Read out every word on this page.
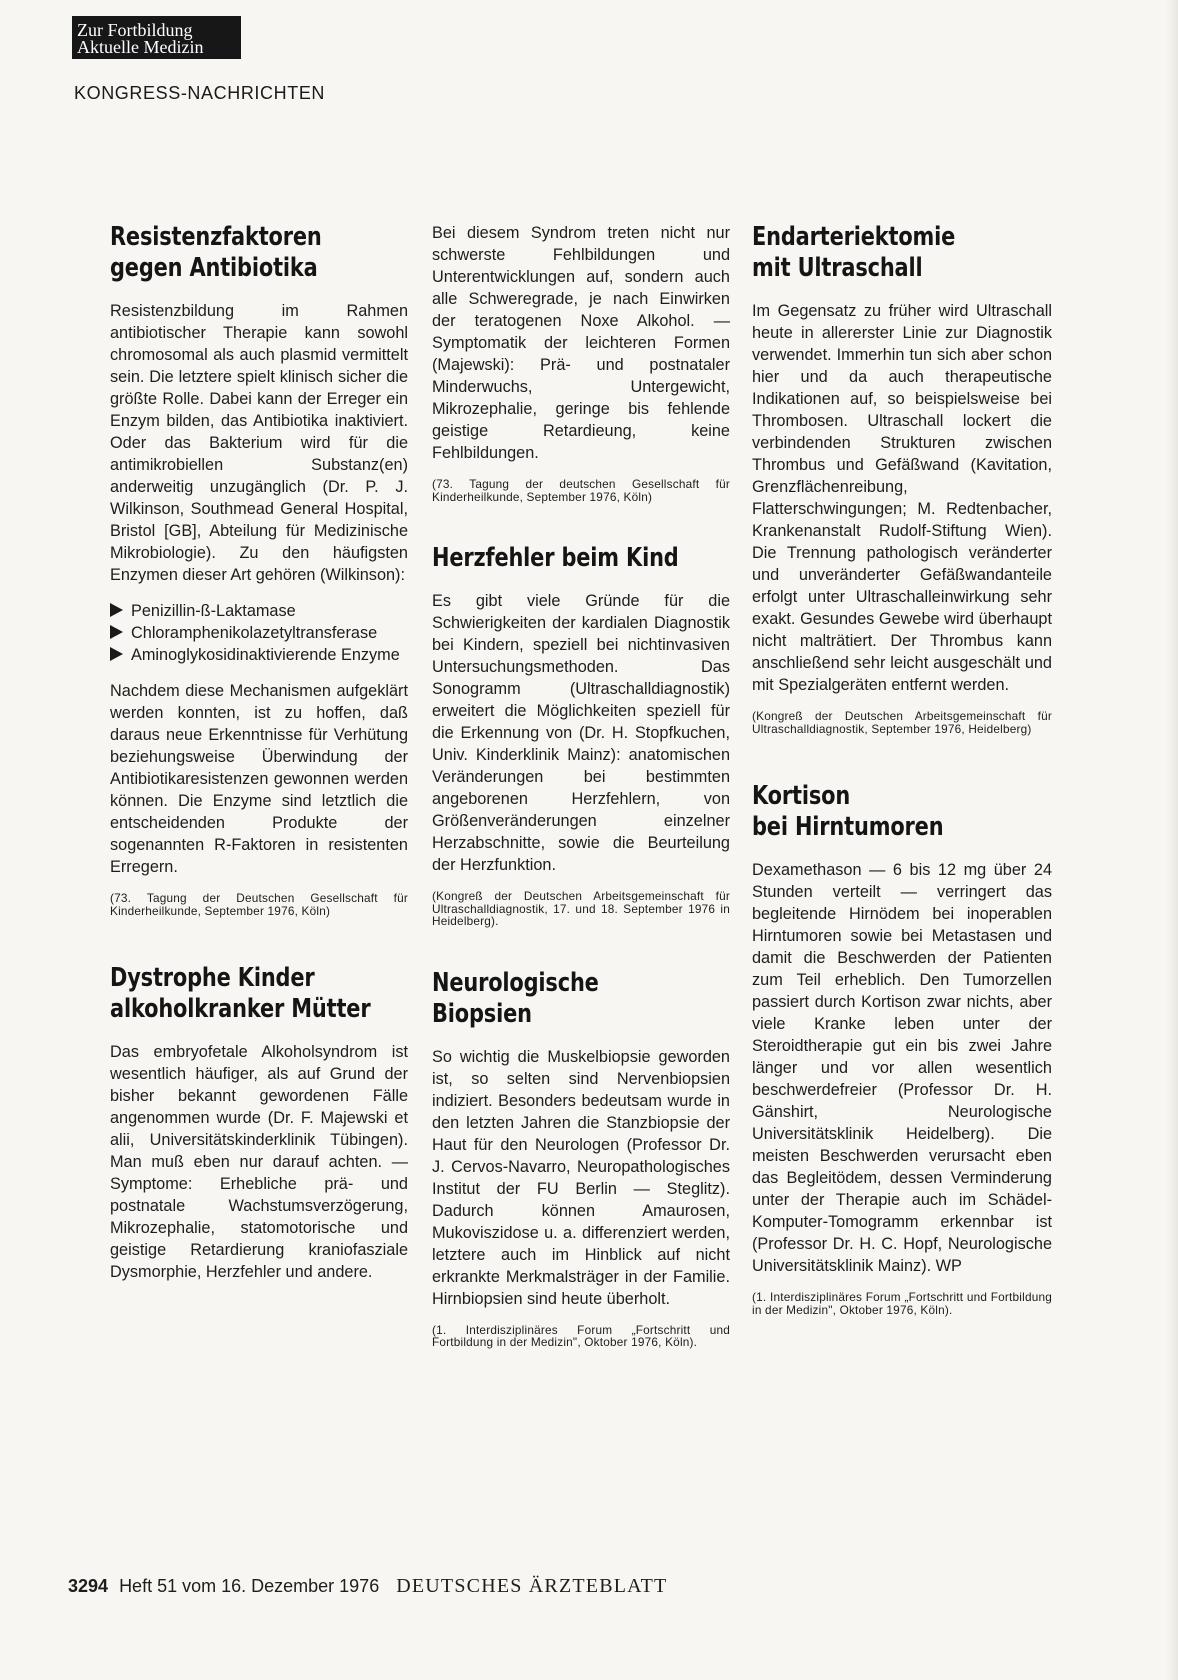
Zur Fortbildung
Aktuelle Medizin
KONGRESS-NACHRICHTEN
Resistenzfaktoren
gegen Antibiotika

Resistenzbildung im Rahmen antibiotischer Therapie kann sowohl chromosomal als auch plasmid vermittelt sein. Die letztere spielt klinisch sicher die größte Rolle. Dabei kann der Erreger ein Enzym bilden, das Antibiotika inaktiviert. Oder das Bakterium wird für die antimikrobiellen Substanz(en) anderweitig unzugänglich (Dr. P. J. Wilkinson, Southmead General Hospital, Bristol [GB], Abteilung für Medizinische Mikrobiologie). Zu den häufigsten Enzymen dieser Art gehören (Wilkinson):

Penizillin-ß-Laktamase
Chloramphenikolazetyltransferase
Aminoglykosidinaktivierende Enzyme

Nachdem diese Mechanismen aufgeklärt werden konnten, ist zu hoffen, daß daraus neue Erkenntnisse für Verhütung beziehungsweise Überwindung der Antibiotikaresistenzen gewonnen werden können. Die Enzyme sind letztlich die entscheidenden Produkte der sogenannten R-Faktoren in resistenten Erregern.

(73. Tagung der Deutschen Gesellschaft für Kinderheilkunde, September 1976, Köln)

Dystrophe Kinder
alkoholkranker Mütter

Das embryofetale Alkoholsyndrom ist wesentlich häufiger, als auf Grund der bisher bekannt gewordenen Fälle angenommen wurde (Dr. F. Majewski et alii, Universitätskinderklinik Tübingen). Man muß eben nur darauf achten. — Symptome: Erhebliche prä- und postnatale Wachstumsverzögerung, Mikrozephalie, statomotorische und geistige Retardierung kraniofasziale Dysmorphie, Herzfehler und andere.

Bei diesem Syndrom treten nicht nur schwerste Fehlbildungen und Unterentwicklungen auf, sondern auch alle Schweregrade, je nach Einwirken der teratogenen Noxe Alkohol. — Symptomatik der leichteren Formen (Majewski): Prä- und postnataler Minderwuchs, Untergewicht, Mikrozephalie, geringe bis fehlende geistige Retardieung, keine Fehlbildungen.

(73. Tagung der deutschen Gesellschaft für Kinderheilkunde, September 1976, Köln)

Herzfehler beim Kind

Es gibt viele Gründe für die Schwierigkeiten der kardialen Diagnostik bei Kindern, speziell bei nichtinvasiven Untersuchungsmethoden. Das Sonogramm (Ultraschalldiagnostik) erweitert die Möglichkeiten speziell für die Erkennung von (Dr. H. Stopfkuchen, Univ. Kinderklinik Mainz): anatomischen Veränderungen bei bestimmten angeborenen Herzfehlern, von Größenveränderungen einzelner Herzabschnitte, sowie die Beurteilung der Herzfunktion.

(Kongreß der Deutschen Arbeitsgemeinschaft für Ultraschalldiagnostik, 17. und 18. September 1976 in Heidelberg).

Neurologische
Biopsien

So wichtig die Muskelbiopsie geworden ist, so selten sind Nervenbiopsien indiziert. Besonders bedeutsam wurde in den letzten Jahren die Stanzbiopsie der Haut für den Neurologen (Professor Dr. J. Cervos-Navarro, Neuropathologisches Institut der FU Berlin — Steglitz). Dadurch können Amaurosen, Mukoviszidose u. a. differenziert werden, letztere auch im Hinblick auf nicht erkrankte Merkmalsträger in der Familie. Hirnbiopsien sind heute überholt.

(1. Interdisziplinäres Forum „Fortschritt und Fortbildung in der Medizin", Oktober 1976, Köln).

Endarteriektomie
mit Ultraschall

Im Gegensatz zu früher wird Ultraschall heute in allererster Linie zur Diagnostik verwendet. Immerhin tun sich aber schon hier und da auch therapeutische Indikationen auf, so beispielsweise bei Thrombosen. Ultraschall lockert die verbindenden Strukturen zwischen Thrombus und Gefäßwand (Kavitation, Grenzflächenreibung, Flatterschwingungen; M. Redtenbacher, Krankenanstalt Rudolf-Stiftung Wien). Die Trennung pathologisch veränderter und unveränderter Gefäßwandanteile erfolgt unter Ultraschalleinwirkung sehr exakt. Gesundes Gewebe wird überhaupt nicht malträtiert. Der Thrombus kann anschließend sehr leicht ausgeschält und mit Spezialgeräten entfernt werden.

(Kongreß der Deutschen Arbeitsgemeinschaft für Ultraschalldiagnostik, September 1976, Heidelberg)

Kortison
bei Hirntumoren

Dexamethason — 6 bis 12 mg über 24 Stunden verteilt — verringert das begleitende Hirnödem bei inoperablen Hirntumoren sowie bei Metastasen und damit die Beschwerden der Patienten zum Teil erheblich. Den Tumorzellen passiert durch Kortison zwar nichts, aber viele Kranke leben unter der Steroidtherapie gut ein bis zwei Jahre länger und vor allen wesentlich beschwerdefreier (Professor Dr. H. Gänshirt, Neurologische Universitätsklinik Heidelberg). Die meisten Beschwerden verursacht eben das Begleitödem, dessen Verminderung unter der Therapie auch im Schädel-Komputer-Tomogramm erkennbar ist (Professor Dr. H. C. Hopf, Neurologische Universitätsklinik Mainz). WP

(1. Interdisziplinäres Forum „Fortschritt und Fortbildung in der Medizin", Oktober 1976, Köln).

3294 Heft 51 vom 16. Dezember 1976 DEUTSCHES ÄRZTEBLATT
